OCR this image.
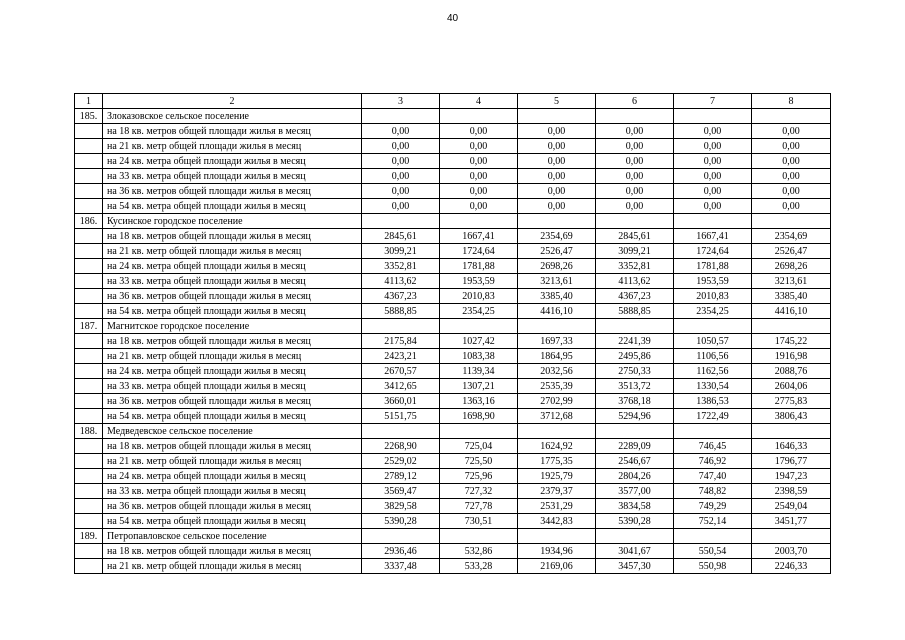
40
1	2	3	4	5	6	7	8
185.	Злоказовское сельское поселение						
	на 18 кв. метров общей площади жилья в месяц	0,00	0,00	0,00	0,00	0,00	0,00
	на 21 кв. метр общей площади жилья в месяц	0,00	0,00	0,00	0,00	0,00	0,00
	на 24 кв. метра общей площади жилья в месяц	0,00	0,00	0,00	0,00	0,00	0,00
	на 33 кв. метра общей площади жилья в месяц	0,00	0,00	0,00	0,00	0,00	0,00
	на 36 кв. метров общей площади жилья в месяц	0,00	0,00	0,00	0,00	0,00	0,00
	на 54 кв. метра общей площади жилья в месяц	0,00	0,00	0,00	0,00	0,00	0,00
186.	Кусинское городское поселение						
	на 18 кв. метров общей площади жилья в месяц	2845,61	1667,41	2354,69	2845,61	1667,41	2354,69
	на 21 кв. метр общей площади жилья в месяц	3099,21	1724,64	2526,47	3099,21	1724,64	2526,47
	на 24 кв. метра общей площади жилья в месяц	3352,81	1781,88	2698,26	3352,81	1781,88	2698,26
	на 33 кв. метра общей площади жилья в месяц	4113,62	1953,59	3213,61	4113,62	1953,59	3213,61
	на 36 кв. метров общей площади жилья в месяц	4367,23	2010,83	3385,40	4367,23	2010,83	3385,40
	на 54 кв. метра общей площади жилья в месяц	5888,85	2354,25	4416,10	5888,85	2354,25	4416,10
187.	Магнитское городское поселение						
	на 18 кв. метров общей площади жилья в месяц	2175,84	1027,42	1697,33	2241,39	1050,57	1745,22
	на 21 кв. метр общей площади жилья в месяц	2423,21	1083,38	1864,95	2495,86	1106,56	1916,98
	на 24 кв. метра общей площади жилья в месяц	2670,57	1139,34	2032,56	2750,33	1162,56	2088,76
	на 33 кв. метра общей площади жилья в месяц	3412,65	1307,21	2535,39	3513,72	1330,54	2604,06
	на 36 кв. метров общей площади жилья в месяц	3660,01	1363,16	2702,99	3768,18	1386,53	2775,83
	на 54 кв. метра общей площади жилья в месяц	5151,75	1698,90	3712,68	5294,96	1722,49	3806,43
188.	Медведевское сельское поселение						
	на 18 кв. метров общей площади жилья в месяц	2268,90	725,04	1624,92	2289,09	746,45	1646,33
	на 21 кв. метр общей площади жилья в месяц	2529,02	725,50	1775,35	2546,67	746,92	1796,77
	на 24 кв. метра общей площади жилья в месяц	2789,12	725,96	1925,79	2804,26	747,40	1947,23
	на 33 кв. метра общей площади жилья в месяц	3569,47	727,32	2379,37	3577,00	748,82	2398,59
	на 36 кв. метров общей площади жилья в месяц	3829,58	727,78	2531,29	3834,58	749,29	2549,04
	на 54 кв. метра общей площади жилья в месяц	5390,28	730,51	3442,83	5390,28	752,14	3451,77
189.	Петропавловское сельское поселение						
	на 18 кв. метров общей площади жилья в месяц	2936,46	532,86	1934,96	3041,67	550,54	2003,70
	на 21 кв. метр общей площади жилья в месяц	3337,48	533,28	2169,06	3457,30	550,98	2246,33
